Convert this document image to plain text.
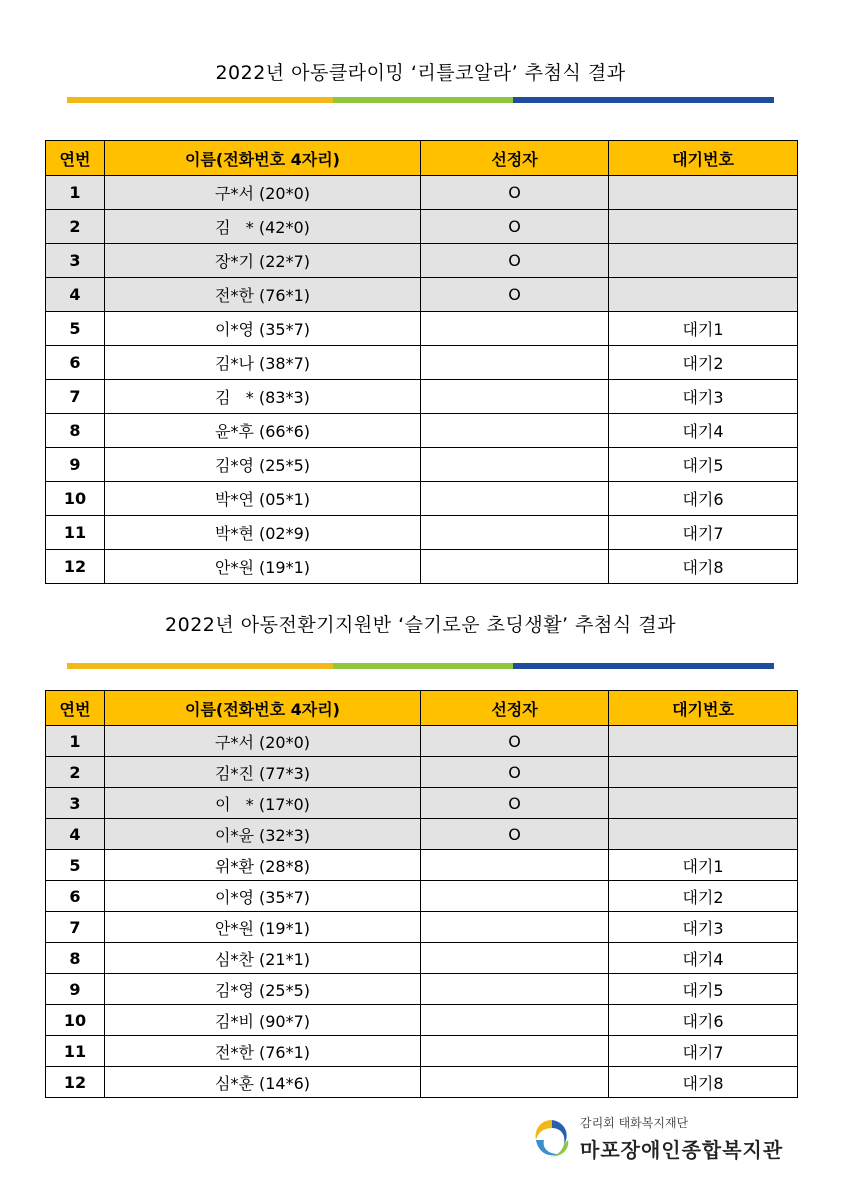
2022년 아동클라이밍 ‘리틀코알라’ 추첨식 결과
연번	이름(전화번호 4자리)	선정자	대기번호
1	구*서 (20*0)	O	
2	김   * (42*0)	O	
3	장*기 (22*7)	O	
4	전*한 (76*1)	O	
5	이*영 (35*7)		대기1
6	김*나 (38*7)		대기2
7	김   * (83*3)		대기3
8	윤*후 (66*6)		대기4
9	김*영 (25*5)		대기5
10	박*연 (05*1)		대기6
11	박*현 (02*9)		대기7
12	안*원 (19*1)		대기8
2022년 아동전환기지원반 ‘슬기로운 초딩생활’ 추첨식 결과
연번	이름(전화번호 4자리)	선정자	대기번호
1	구*서 (20*0)	O	
2	김*진 (77*3)	O	
3	이   * (17*0)	O	
4	이*윤 (32*3)	O	
5	위*환 (28*8)		대기1
6	이*영 (35*7)		대기2
7	안*원 (19*1)		대기3
8	심*찬 (21*1)		대기4
9	김*영 (25*5)		대기5
10	김*비 (90*7)		대기6
11	전*한 (76*1)		대기7
12	심*훈 (14*6)		대기8
감리회 태화복지재단
마포장애인종합복지관
